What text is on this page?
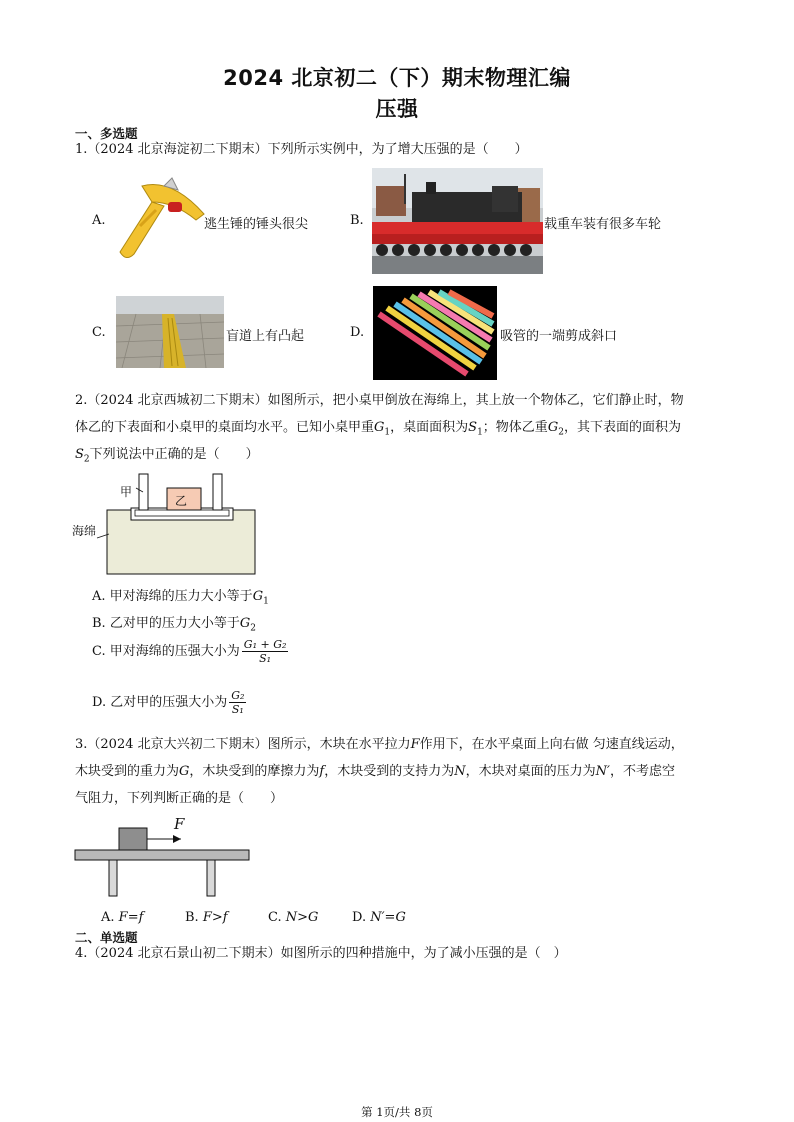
2024 北京初二（下）期末物理汇编
压强
一、多选题
1.（2024 北京海淀初二下期末）下列所示实例中，为了增大压强的是（　　）
A.	逃生锤的锤头很尖	B.	载重车装有很多车轮
C.	盲道上有凸起	D.	吸管的一端剪成斜口
2.（2024 北京西城初二下期末）如图所示，把小桌甲倒放在海绵上，其上放一个物体乙，它们静止时，物
体乙的下表面和小桌甲的桌面均水平。已知小桌甲重$G_1$，桌面面积为$S_1$；物体乙重$G_2$，其下表面的面积为
$S_2$下列说法中正确的是（　　）
甲
乙
海绵
A. 甲对海绵的压力大小等于$G_1$
B. 乙对甲的压力大小等于$G_2$
C. 甲对海绵的压强大小为 $\frac{\text{G₁ + G₂}}{\text{S₁}}$
D. 乙对甲的压强大小为 $\frac{\text{G₂}}{\text{S₁}}$
3.（2024 北京大兴初二下期末）图所示，木块在水平拉力F作用下，在水平桌面上向右做 匀速直线运动，
木块受到的重力为G，木块受到的摩擦力为f，木块受到的支持力为N，木块对桌面的压力为N′，不考虑空
气阻力，下列判断正确的是（　　）
F
A. F=f	B. F>f	C. N>G	D. N′=G
二、单选题
4.（2024 北京石景山初二下期末）如图所示的四种措施中，为了减小压强的是（　）
第 1页/共 8页
